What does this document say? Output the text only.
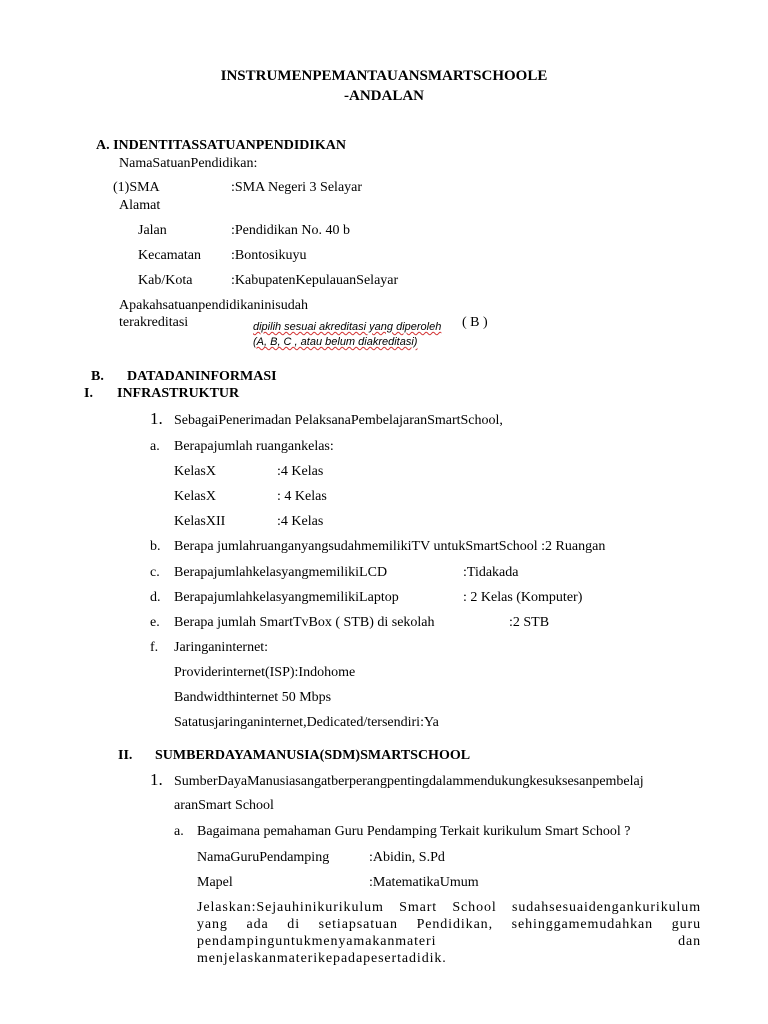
INSTRUMENPEMANTAUANSMARTSCHOOLE
-ANDALAN
A. INDENTITASSATUANPENDIDIKAN
NamaSatuanPendidikan:
(1)SMA	:SMA Negeri 3 Selayar
Alamat
Jalan	:Pendidikan No. 40 b
Kecamatan :Bontosikuyu
Kab/Kota	:KabupatenKepulauanSelayar
Apakahsatuanpendidikaninisudah
terakreditasi	dipilih sesuai akreditasi yang diperoleh
(A, B, C , atau belum diakreditasi)
( B )
B. DATADANINFORMASI
I. INFRASTRUKTUR
1. SebagaiPenerimadan PelaksanaPembelajaranSmartSchool,
a. Berapajumlah ruangankelas:
KelasX	:4 Kelas
KelasX	: 4 Kelas
KelasXII	:4 Kelas
b. Berapa jumlahruanganyangsudahmemilikiTV untukSmartSchool :2 Ruangan
c. BerapajumlahkelasyangmemilikiLCD	:Tidakada
d. BerapajumlahkelasyangmemilikiLaptop	: 2 Kelas (Komputer)
e. Berapa jumlah SmartTvBox ( STB) di sekolah	:2 STB
f. Jaringaninternet:
Providerinternet(ISP):Indohome
Bandwidthinternet 50 Mbps
Satatusjaringaninternet,Dedicated/tersendiri:Ya
II. SUMBERDAYAMANUSIA(SDM)SMARTSCHOOL
1. SumberDayaManusiasangatberperangpentingdalammendukungkesuksesanpembelaj
aranSmart School
a. Bagaimana pemahaman Guru Pendamping Terkait kurikulum Smart School ?
NamaGuruPendamping	:Abidin, S.Pd
Mapel	:MatematikaUmum
Jelaskan:Sejauhinikurikulum Smart School sudahsesuaidengankurikulum yang ada di setiapsatuan Pendidikan, sehinggamemudahkan guru pendampinguntukmenyamakanmateri dan menjelaskanmaterikepadapesertadidik.
